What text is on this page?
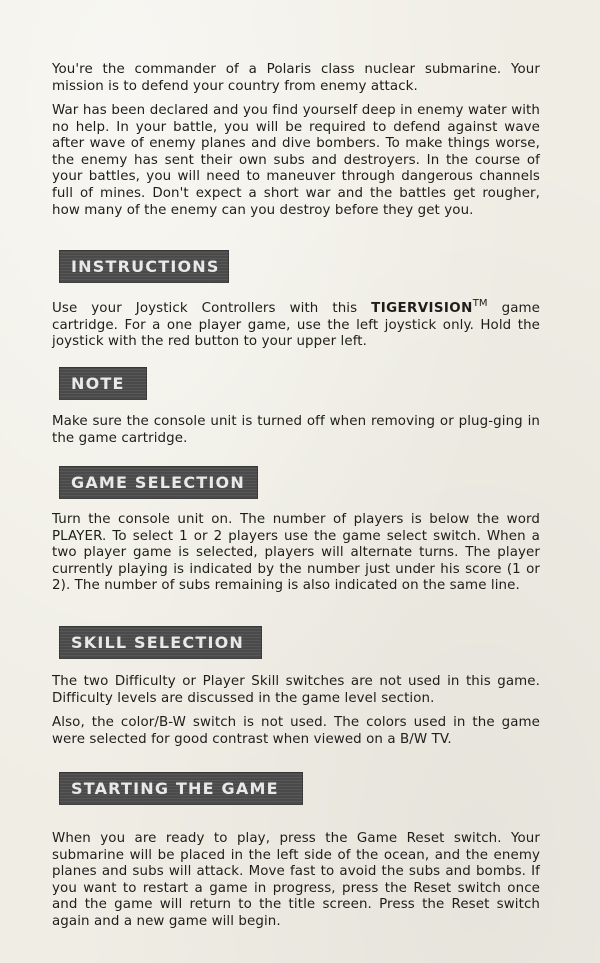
You're the commander of a Polaris class nuclear submarine. Your mission is to defend your country from enemy attack.

War has been declared and you find yourself deep in enemy water with no help. In your battle, you will be required to defend against wave after wave of enemy planes and dive bombers. To make things worse, the enemy has sent their own subs and destroyers. In the course of your battles, you will need to maneuver through dangerous channels full of mines. Don't expect a short war and the battles get rougher, how many of the enemy can you destroy before they get you.

INSTRUCTIONS

Use your Joystick Controllers with this TIGERVISION™ game cartridge. For a one player game, use the left joystick only. Hold the joystick with the red button to your upper left.

NOTE

Make sure the console unit is turned off when removing or plug-ging in the game cartridge.

GAME SELECTION

Turn the console unit on. The number of players is below the word PLAYER. To select 1 or 2 players use the game select switch. When a two player game is selected, players will alternate turns. The player currently playing is indicated by the number just under his score (1 or 2). The number of subs remaining is also indicated on the same line.

SKILL SELECTION

The two Difficulty or Player Skill switches are not used in this game. Difficulty levels are discussed in the game level section.

Also, the color/B-W switch is not used. The colors used in the game were selected for good contrast when viewed on a B/W TV.

STARTING THE GAME

When you are ready to play, press the Game Reset switch. Your submarine will be placed in the left side of the ocean, and the enemy planes and subs will attack. Move fast to avoid the subs and bombs. If you want to restart a game in progress, press the Reset switch once and the game will return to the title screen. Press the Reset switch again and a new game will begin.
